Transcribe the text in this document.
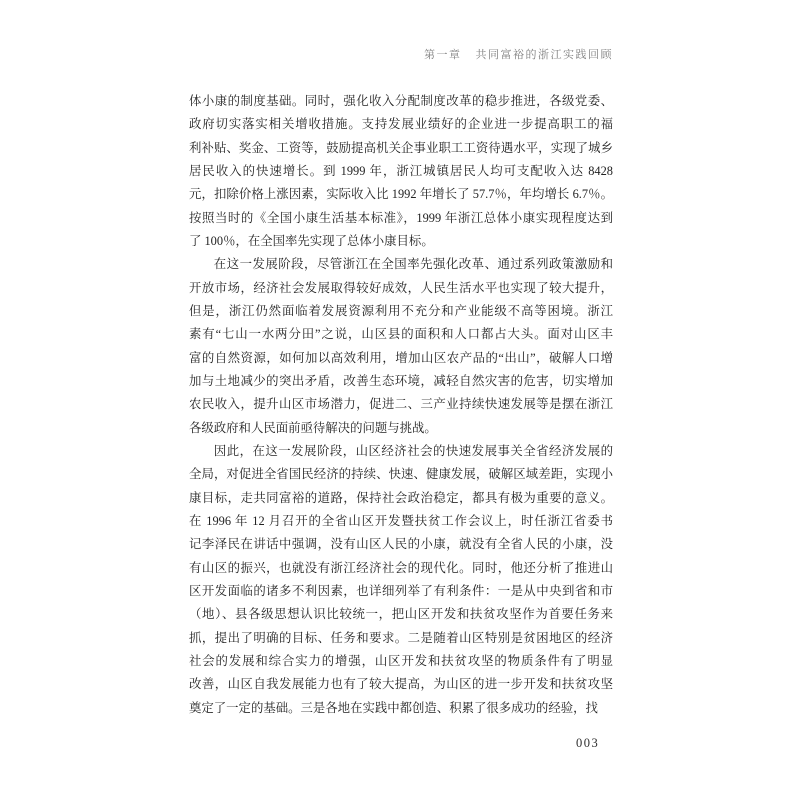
第一章 共同富裕的浙江实践回顾
体小康的制度基础。同时，强化收入分配制度改革的稳步推进，各级党委、
政府切实落实相关增收措施。支持发展业绩好的企业进一步提高职工的福
利补贴、奖金、工资等，鼓励提高机关企事业职工工资待遇水平，实现了城乡
居民收入的快速增长。到 1999 年，浙江城镇居民人均可支配收入达 8428
元，扣除价格上涨因素，实际收入比 1992 年增长了 57.7％，年均增长 6.7％。
按照当时的《全国小康生活基本标准》，1999 年浙江总体小康实现程度达到
了 100％，在全国率先实现了总体小康目标。
在这一发展阶段，尽管浙江在全国率先强化改革、通过系列政策激励和
开放市场，经济社会发展取得较好成效，人民生活水平也实现了较大提升，
但是，浙江仍然面临着发展资源利用不充分和产业能级不高等困境。浙江
素有“七山一水两分田”之说，山区县的面积和人口都占大头。面对山区丰
富的自然资源，如何加以高效利用，增加山区农产品的“出山”，破解人口增
加与土地减少的突出矛盾，改善生态环境，减轻自然灾害的危害，切实增加
农民收入，提升山区市场潜力，促进二、三产业持续快速发展等是摆在浙江
各级政府和人民面前亟待解决的问题与挑战。
因此，在这一发展阶段，山区经济社会的快速发展事关全省经济发展的
全局，对促进全省国民经济的持续、快速、健康发展，破解区域差距，实现小
康目标，走共同富裕的道路，保持社会政治稳定，都具有极为重要的意义。
在 1996 年 12 月召开的全省山区开发暨扶贫工作会议上，时任浙江省委书
记李泽民在讲话中强调，没有山区人民的小康，就没有全省人民的小康，没
有山区的振兴，也就没有浙江经济社会的现代化。同时，他还分析了推进山
区开发面临的诸多不利因素，也详细列举了有利条件：一是从中央到省和市
（地）、县各级思想认识比较统一，把山区开发和扶贫攻坚作为首要任务来
抓，提出了明确的目标、任务和要求。二是随着山区特别是贫困地区的经济
社会的发展和综合实力的增强，山区开发和扶贫攻坚的物质条件有了明显
改善，山区自我发展能力也有了较大提高，为山区的进一步开发和扶贫攻坚
奠定了一定的基础。三是各地在实践中都创造、积累了很多成功的经验，找
003
